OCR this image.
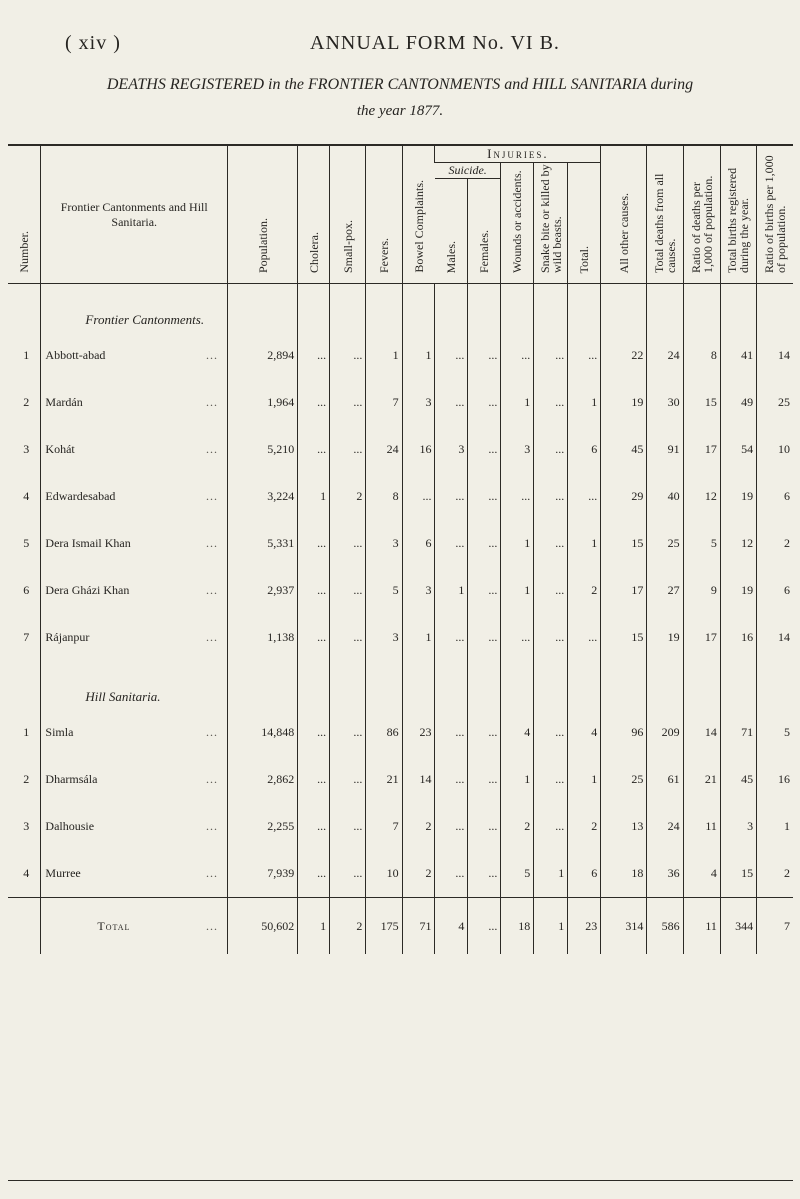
( xiv )	ANNUAL FORM No. VI B.
DEATHS REGISTERED in the FRONTIER CANTONMENTS and HILL SANITARIA during
the year 1877.
Number.	Frontier Cantonments and Hill Sanitaria.	Population.	Cholera.	Small-pox.	Fevers.	Bowel Complaints.	Injuries.					All other causes.	Total deaths from all causes.	Ratio of deaths per 1,000 of population.	Total births registered during the year.	Ratio of births per 1,000 of population.
							Suicide.		Wounds or accidents.	Snake bite or killed by wild beasts.	Total.					
							Males.	Females.								
	Frontier Cantonments.															
1	Abbott-abad ...	2,894	...	...	1	1	...	...	...	...	...	22	24	8	41	14
2	Mardán ...	1,964	...	...	7	3	...	...	1	...	1	19	30	15	49	25
3	Kohát ...	5,210	...	...	24	16	3	...	3	...	6	45	91	17	54	10
4	Edwardesabad ...	3,224	1	2	8	...	...	...	...	...	...	29	40	12	19	6
5	Dera Ismail Khan ...	5,331	...	...	3	6	...	...	1	...	1	15	25	5	12	2
6	Dera Gházi Khan ...	2,937	...	...	5	3	1	...	1	...	2	17	27	9	19	6
7	Rájanpur ...	1,138	...	...	3	1	...	...	...	...	...	15	19	17	16	14
	Hill Sanitaria.															
1	Simla ...	14,848	...	...	86	23	...	...	4	...	4	96	209	14	71	5
2	Dharmsála ...	2,862	...	...	21	14	...	...	1	...	1	25	61	21	45	16
3	Dalhousie ...	2,255	...	...	7	2	...	...	2	...	2	13	24	11	3	1
4	Murree ...	7,939	...	...	10	2	...	...	5	1	6	18	36	4	15	2
	Total ...	50,602	1	2	175	71	4	...	18	1	23	314	586	11	344	7
